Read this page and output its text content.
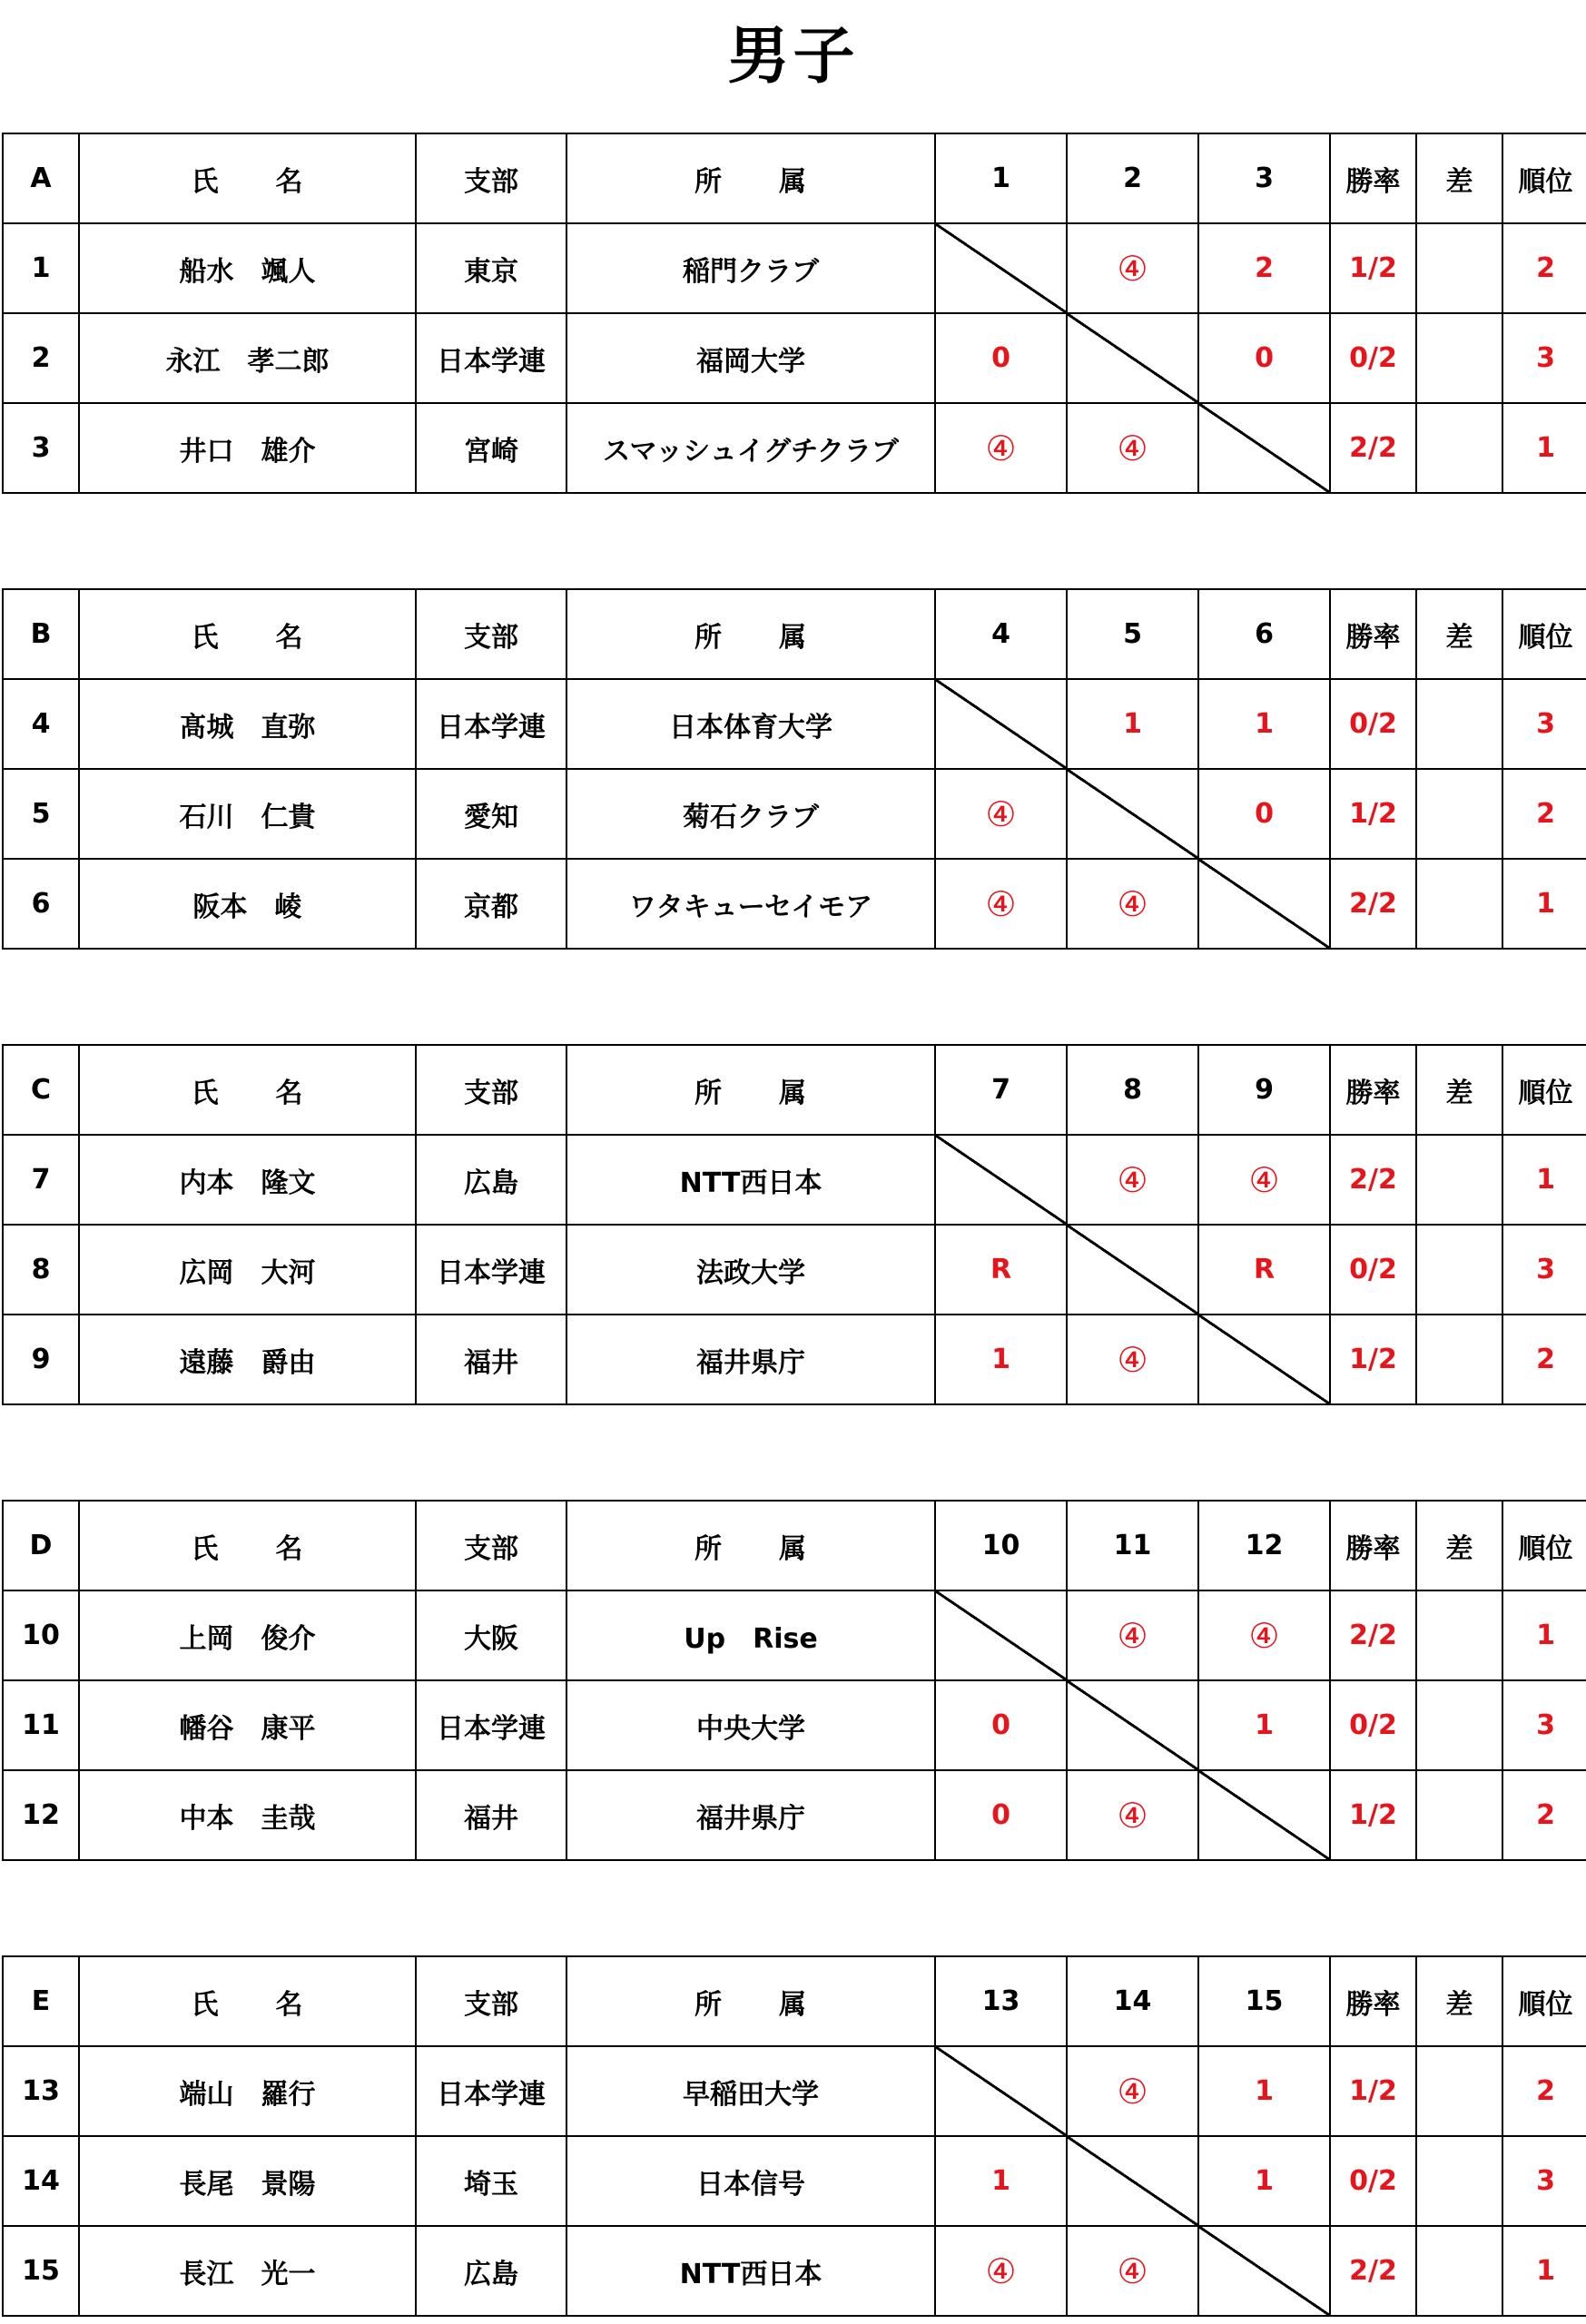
男子
A	氏　　名	支部	所　　属	1	2	3	勝率	差	順位
1	船水　颯人	東京	稲門クラブ		④	2	1/2		2
2	永江　孝二郎	日本学連	福岡大学	0		0	0/2		3
3	井口　雄介	宮崎	スマッシュイグチクラブ	④	④		2/2		1
B	氏　　名	支部	所　　属	4	5	6	勝率	差	順位
4	髙城　直弥	日本学連	日本体育大学		1	1	0/2		3
5	石川　仁貴	愛知	菊石クラブ	④		0	1/2		2
6	阪本　崚	京都	ワタキューセイモア	④	④		2/2		1
C	氏　　名	支部	所　　属	7	8	9	勝率	差	順位
7	内本　隆文	広島	NTT西日本		④	④	2/2		1
8	広岡　大河	日本学連	法政大学	R		R	0/2		3
9	遠藤　爵由	福井	福井県庁	1	④		1/2		2
D	氏　　名	支部	所　　属	10	11	12	勝率	差	順位
10	上岡　俊介	大阪	Up　Rise		④	④	2/2		1
11	幡谷　康平	日本学連	中央大学	0		1	0/2		3
12	中本　圭哉	福井	福井県庁	0	④		1/2		2
E	氏　　名	支部	所　　属	13	14	15	勝率	差	順位
13	端山　羅行	日本学連	早稲田大学		④	1	1/2		2
14	長尾　景陽	埼玉	日本信号	1		1	0/2		3
15	長江　光一	広島	NTT西日本	④	④		2/2		1
